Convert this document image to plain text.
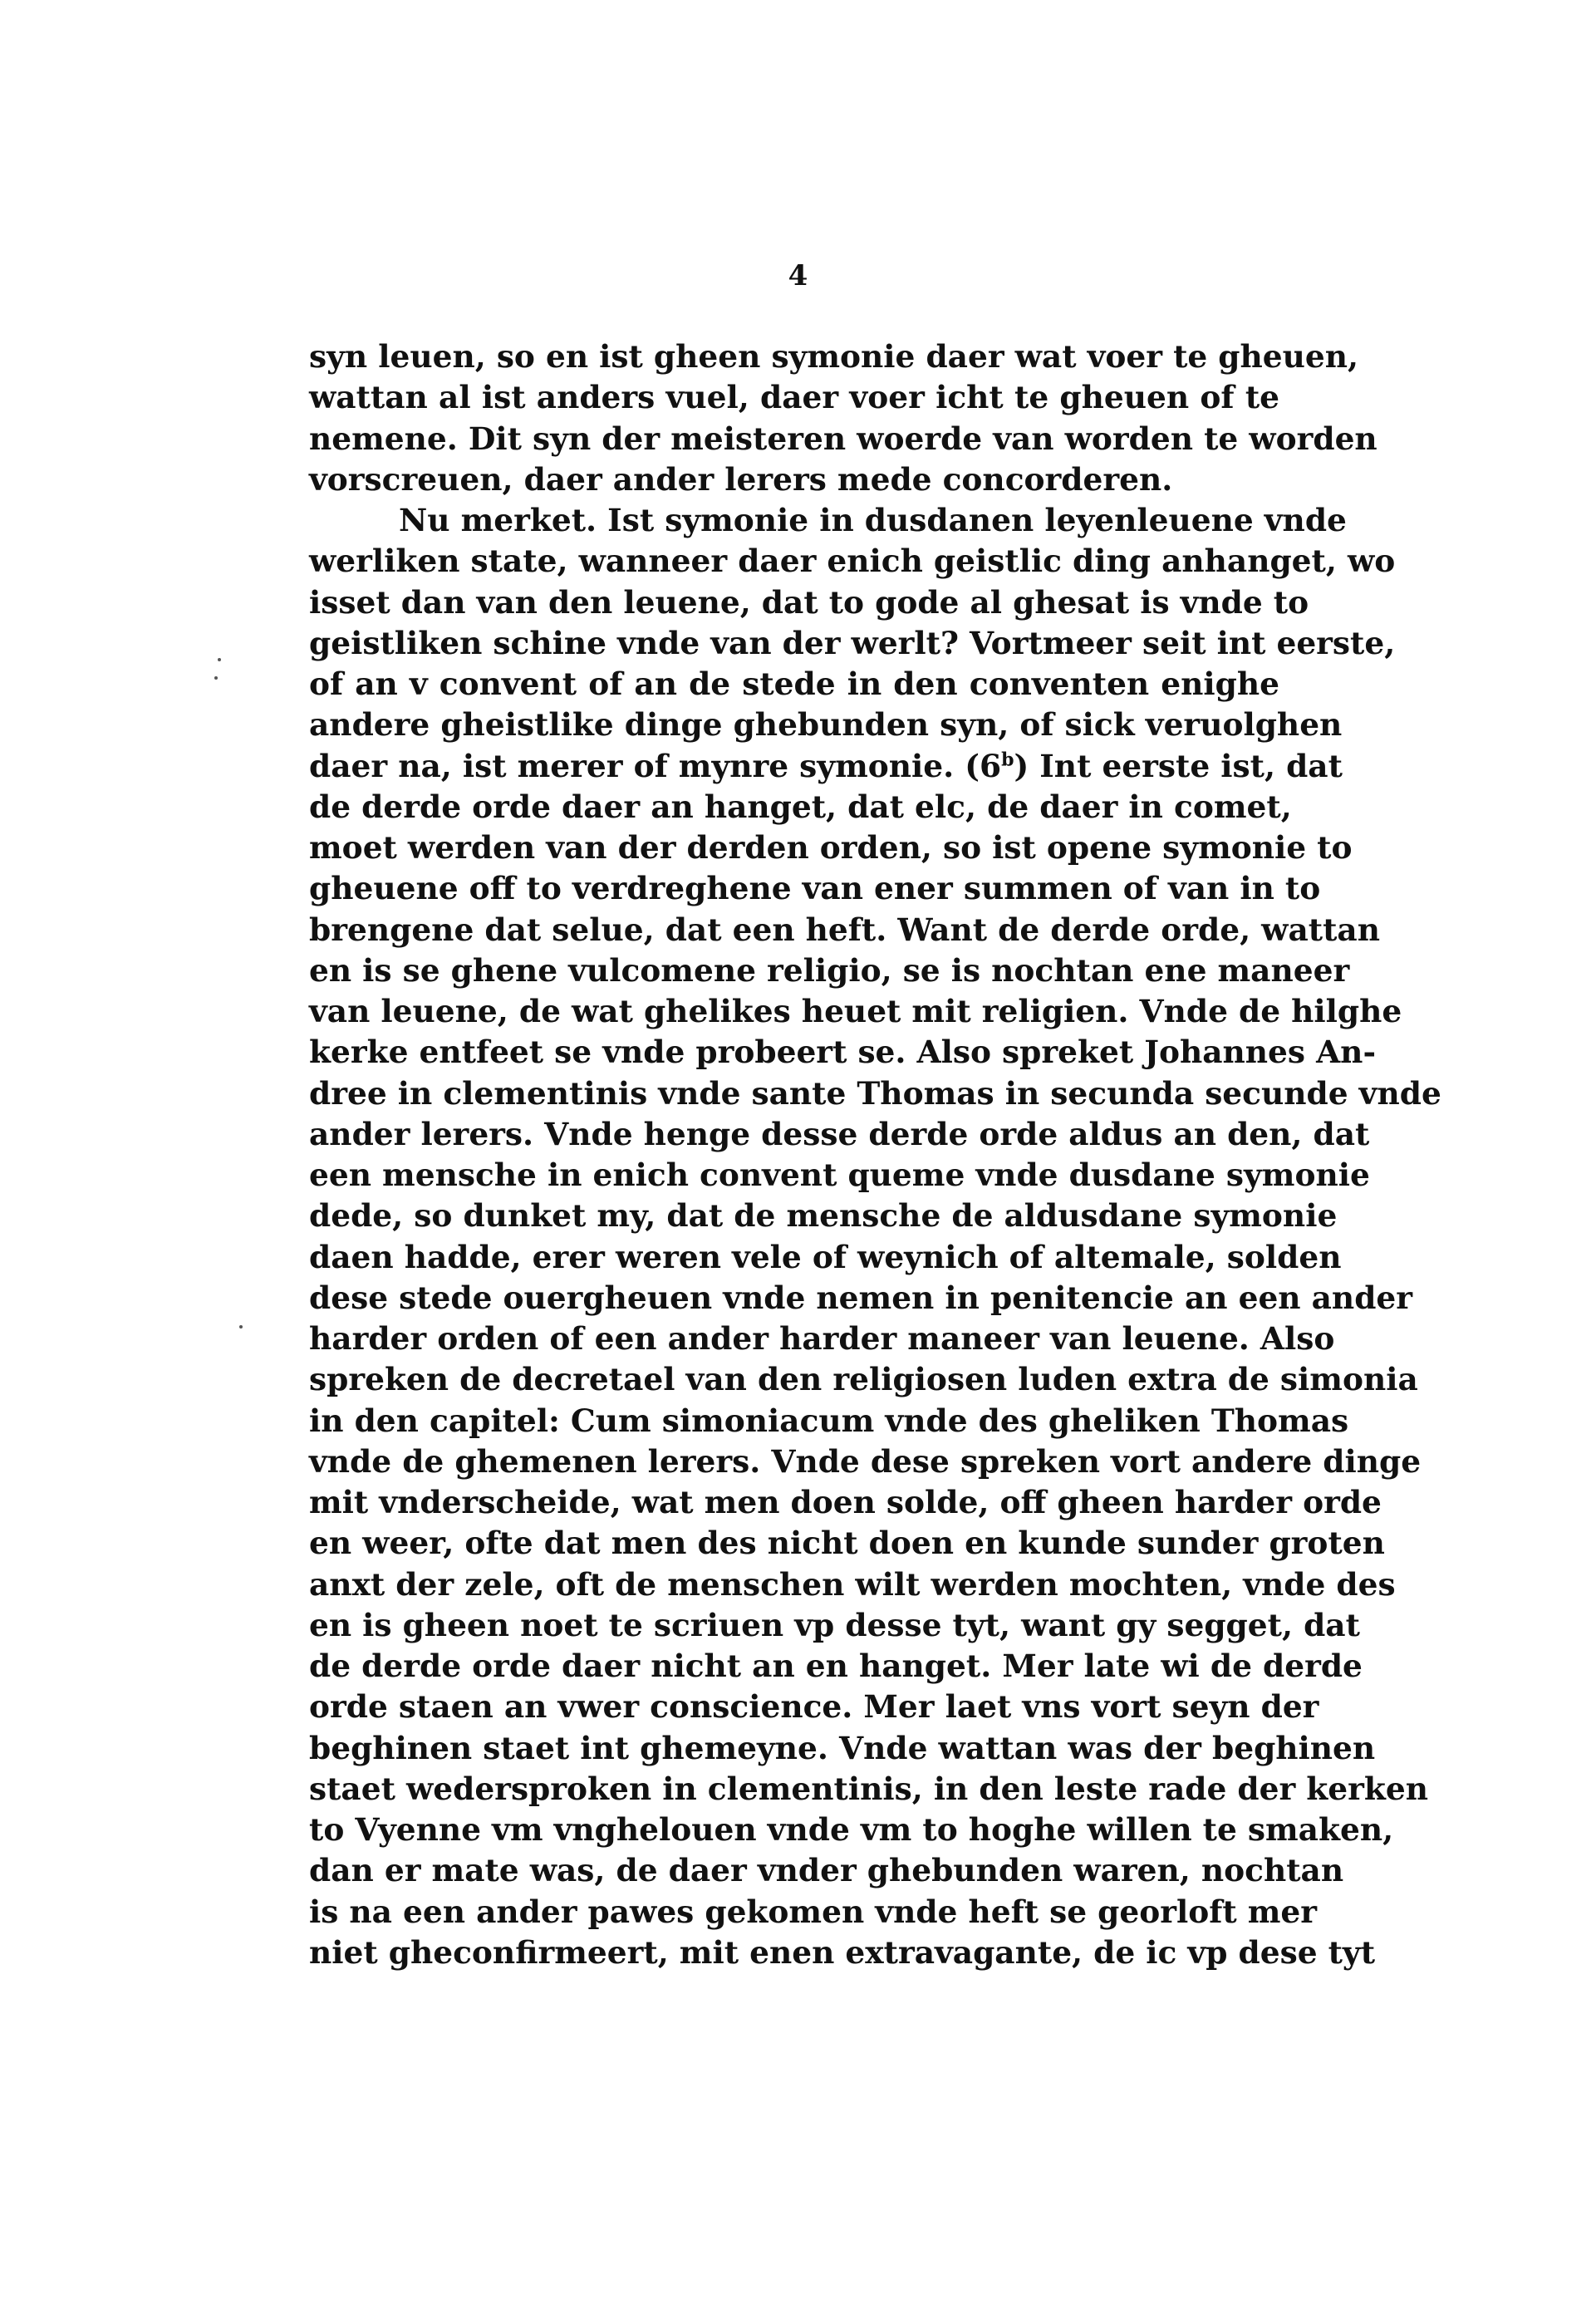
4
syn leuen, so en ist gheen symonie daer wat voer te gheuen,
wattan al ist anders vuel, daer voer icht te gheuen of te
nemene. Dit syn der meisteren woerde van worden te worden
vorscreuen, daer ander lerers mede concorderen.
Nu merket. Ist symonie in dusdanen leyenleuene vnde
werliken state, wanneer daer enich geistlic ding anhanget, wo
isset dan van den leuene, dat to gode al ghesat is vnde to
geistliken schine vnde van der werlt? Vortmeer seit int eerste,
of an v convent of an de stede in den conventen enighe
andere gheistlike dinge ghebunden syn, of sick veruolghen
daer na, ist merer of mynre symonie. (6$^b$) Int eerste ist, dat
de derde orde daer an hanget, dat elc, de daer in comet,
moet werden van der derden orden, so ist opene symonie to
gheuene off to verdreghene van ener summen of van in to
brengene dat selue, dat een heft. Want de derde orde, wattan
en is se ghene vulcomene religio, se is nochtan ene maneer
van leuene, de wat ghelikes heuet mit religien. Vnde de hilghe
kerke entfeet se vnde probeert se. Also spreket Johannes An-
dree in clementinis vnde sante Thomas in secunda secunde vnde
ander lerers. Vnde henge desse derde orde aldus an den, dat
een mensche in enich convent queme vnde dusdane symonie
dede, so dunket my, dat de mensche de aldusdane symonie
daen hadde, erer weren vele of weynich of altemale, solden
dese stede ouergheuen vnde nemen in penitencie an een ander
harder orden of een ander harder maneer van leuene. Also
spreken de decretael van den religiosen luden extra de simonia
in den capitel: Cum simoniacum vnde des gheliken Thomas
vnde de ghemenen lerers. Vnde dese spreken vort andere dinge
mit vnderscheide, wat men doen solde, off gheen harder orde
en weer, ofte dat men des nicht doen en kunde sunder groten
anxt der zele, oft de menschen wilt werden mochten, vnde des
en is gheen noet te scriuen vp desse tyt, want gy segget, dat
de derde orde daer nicht an en hanget. Mer late wi de derde
orde staen an vwer conscience. Mer laet vns vort seyn der
beghinen staet int ghemeyne. Vnde wattan was der beghinen
staet wedersproken in clementinis, in den leste rade der kerken
to Vyenne vm vnghelouen vnde vm to hoghe willen te smaken,
dan er mate was, de daer vnder ghebunden waren, nochtan
is na een ander pawes gekomen vnde heft se georloft mer
niet gheconfirmeert, mit enen extravagante, de ic vp dese tyt
